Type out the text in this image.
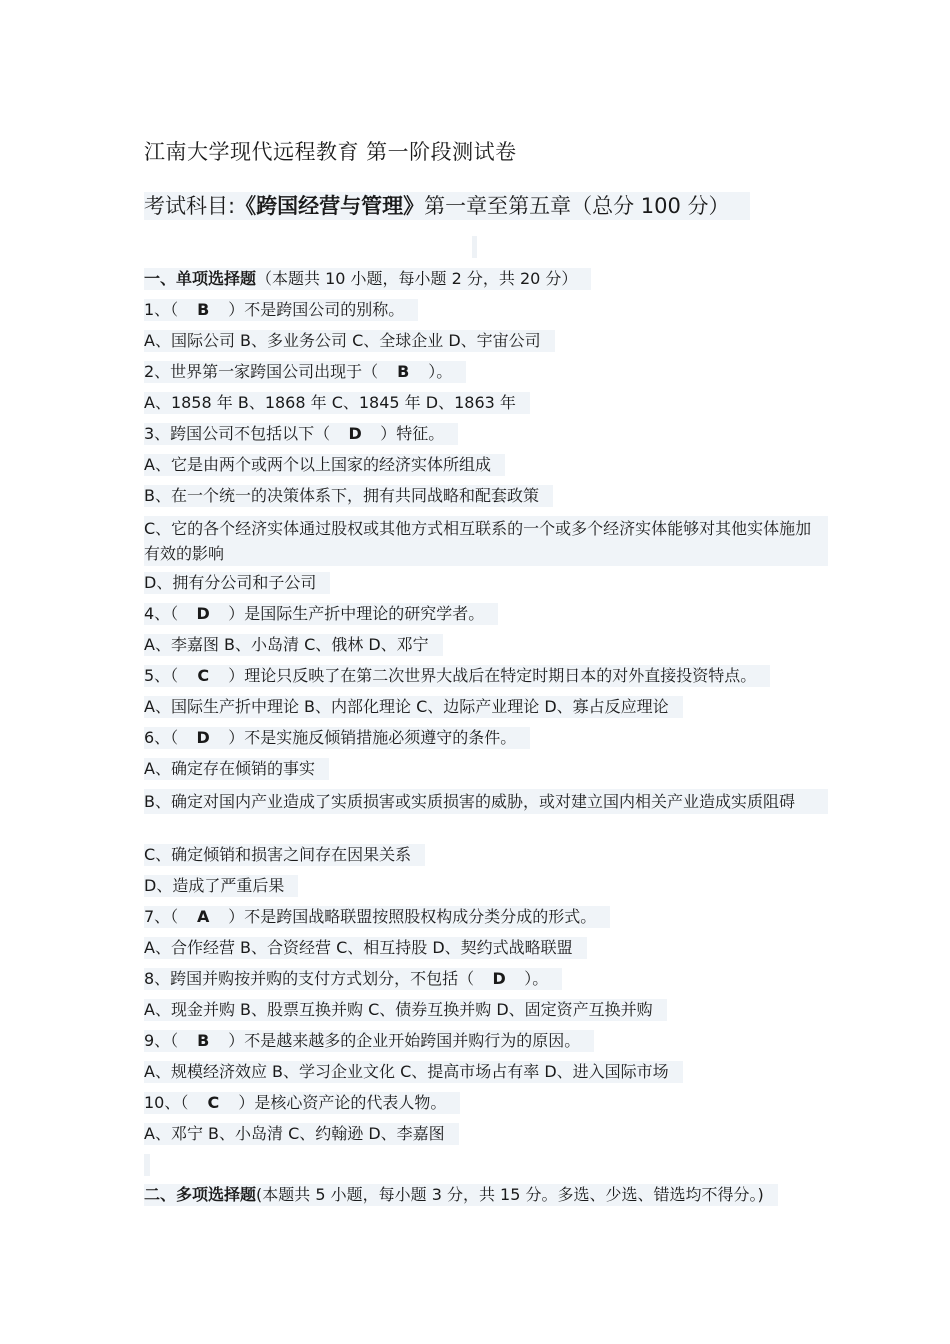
江南大学现代远程教育 第一阶段测试卷
考试科目:《跨国经营与管理》第一章至第五章（总分 100 分）
一、单项选择题（本题共 10 小题，每小题 2 分，共 20 分）
1、（ B ）不是跨国公司的别称。
A、国际公司 B、多业务公司 C、全球企业 D、宇宙公司
2、世界第一家跨国公司出现于（ B ）。
A、1858 年 B、1868 年 C、1845 年 D、1863 年
3、跨国公司不包括以下（ D ）特征。
A、它是由两个或两个以上国家的经济实体所组成
B、在一个统一的决策体系下，拥有共同战略和配套政策
C、它的各个经济实体通过股权或其他方式相互联系的一个或多个经济实体能够对其他实体施加有效的影响
D、拥有分公司和子公司
4、（ D ）是国际生产折中理论的研究学者。
A、李嘉图 B、小岛清 C、俄林 D、邓宁
5、（ C ）理论只反映了在第二次世界大战后在特定时期日本的对外直接投资特点。
A、国际生产折中理论 B、内部化理论 C、边际产业理论 D、寡占反应理论
6、（ D ）不是实施反倾销措施必须遵守的条件。
A、确定存在倾销的事实
B、确定对国内产业造成了实质损害或实质损害的威胁，或对建立国内相关产业造成实质阻碍
C、确定倾销和损害之间存在因果关系
D、造成了严重后果
7、（ A ）不是跨国战略联盟按照股权构成分类分成的形式。
A、合作经营 B、合资经营 C、相互持股 D、契约式战略联盟
8、跨国并购按并购的支付方式划分，不包括（ D ）。
A、现金并购 B、股票互换并购 C、债券互换并购 D、固定资产互换并购
9、（ B ）不是越来越多的企业开始跨国并购行为的原因。
A、规模经济效应 B、学习企业文化 C、提高市场占有率 D、进入国际市场
10、（ C ）是核心资产论的代表人物。
A、邓宁 B、小岛清 C、约翰逊 D、李嘉图
二、多项选择题(本题共 5 小题，每小题 3 分，共 15 分。多选、少选、错选均不得分。)
